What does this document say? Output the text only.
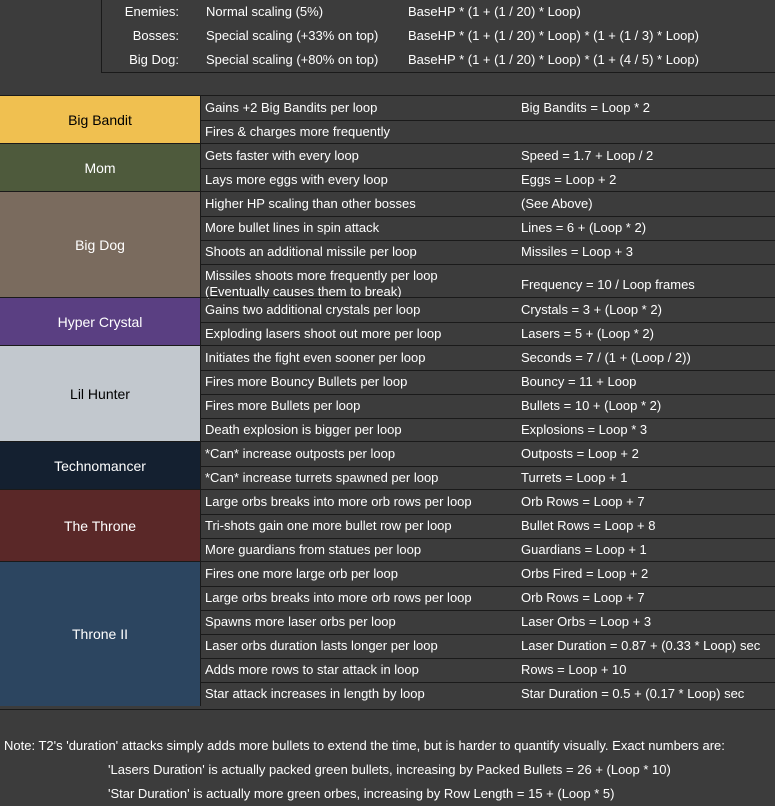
Enemies: Normal scaling (5%)	BaseHP * (1 + (1 / 20) * Loop)
Bosses: Special scaling (+33% on top) BaseHP * (1 + (1 / 20) * Loop) * (1 + (1 / 3) * Loop)
Big Dog: Special scaling (+80% on top) BaseHP * (1 + (1 / 20) * Loop) * (1 + (4 / 5) * Loop)
Big Bandit
Gains +2 Big Bandits per loop	Big Bandits = Loop * 2
Fires & charges more frequently
Mom
Gets faster with every loop	Speed = 1.7 + Loop / 2
Lays more eggs with every loop	Eggs = Loop + 2
Big Dog
Higher HP scaling than other bosses	(See Above)
More bullet lines in spin attack	Lines = 6 + (Loop * 2)
Shoots an additional missile per loop	Missiles = Loop + 3
Missiles shoots more frequently per loop
(Eventually causes them to break)	Frequency = 10 / Loop frames
Hyper Crystal
Gains two additional crystals per loop	Crystals = 3 + (Loop * 2)
Exploding lasers shoot out more per loop	Lasers = 5 + (Loop * 2)
Lil Hunter
Initiates the fight even sooner per loop	Seconds = 7 / (1 + (Loop / 2))
Fires more Bouncy Bullets per loop	Bouncy = 11 + Loop
Fires more Bullets per loop	Bullets = 10 + (Loop * 2)
Death explosion is bigger per loop	Explosions = Loop * 3
Technomancer
*Can* increase outposts per loop	Outposts = Loop + 2
*Can* increase turrets spawned per loop	Turrets = Loop + 1
The Throne
Large orbs breaks into more orb rows per loop	Orb Rows = Loop + 7
Tri-shots gain one more bullet row per loop	Bullet Rows = Loop + 8
More guardians from statues per loop	Guardians = Loop + 1
Throne II
Fires one more large orb per loop	Orbs Fired = Loop + 2
Large orbs breaks into more orb rows per loop	Orb Rows = Loop + 7
Spawns more laser orbs per loop	Laser Orbs = Loop + 3
Laser orbs duration lasts longer per loop	Laser Duration = 0.87 + (0.33 * Loop) sec
Adds more rows to star attack in loop	Rows = Loop + 10
Star attack increases in length by loop	Star Duration = 0.5 + (0.17 * Loop) sec
Note: T2's 'duration' attacks simply adds more bullets to extend the time, but is harder to quantify visually. Exact numbers are:
'Lasers Duration' is actually packed green bullets, increasing by Packed Bullets = 26 + (Loop * 10)
'Star Duration' is actually more green orbes, increasing by Row Length = 15 + (Loop * 5)
